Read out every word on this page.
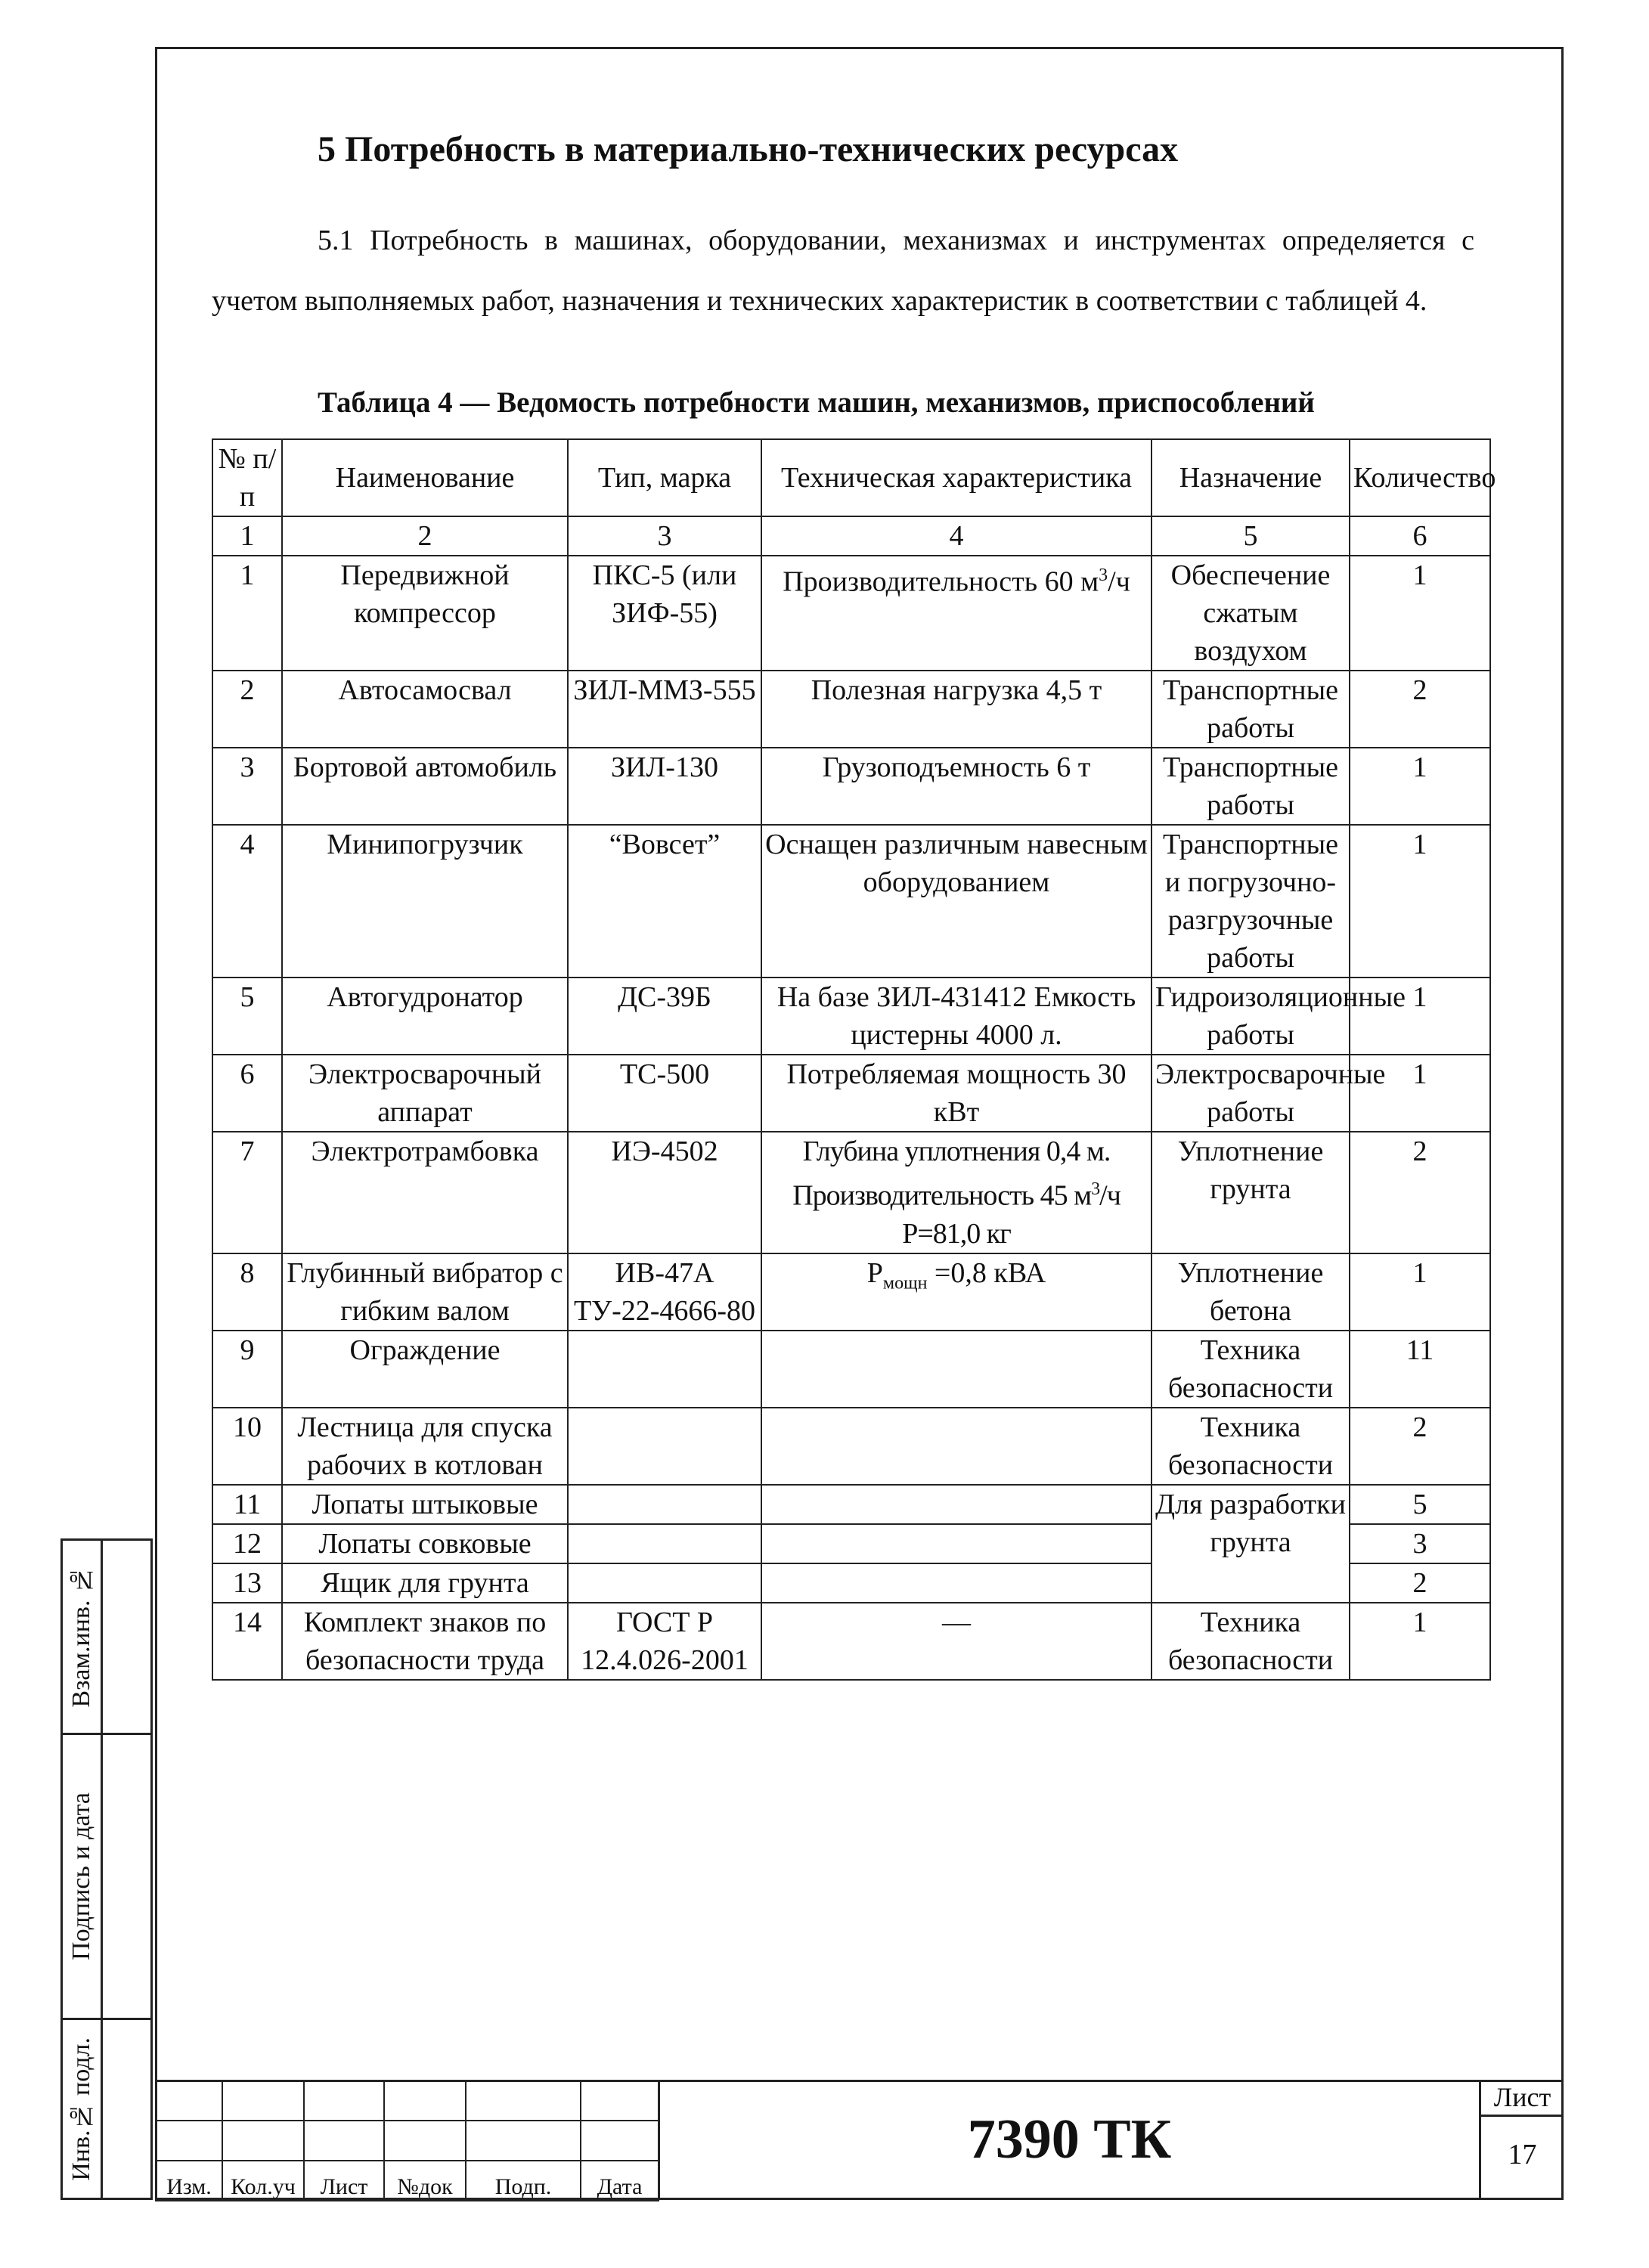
Взам.инв. №
Подпись и дата
Инв.№ подл.
5 Потребность в материально-технических ресурсах
5.1 Потребность в машинах, оборудовании, механизмах и инструментах определяется с учетом выполняемых работ, назначения и технических характеристик в соответствии с таблицей 4.
Таблица 4 — Ведомость потребности машин, механизмов, приспособлений
№ п/п	Наименование	Тип, марка	Техническая характеристика	Назначение	Количество
1	2	3	4	5	6
1	Передвижной компрессор	ПКС-5 (или ЗИФ-55)	Производительность 60 $м^3/ч$	Обеспечение сжатым воздухом	1
2	Автосамосвал	ЗИЛ-ММЗ-555	Полезная нагрузка 4,5 т	Транспортные работы	2
3	Бортовой автомобиль	ЗИЛ-130	Грузоподъемность 6 т	Транспортные работы	1
4	Минипогрузчик	“Вовсет”	Оснащен различным навесным оборудованием	Транспортные и погрузочно-разгрузочные работы	1
5	Автогудронатор	ДС-39Б	На базе ЗИЛ-431412 Емкость цистерны 4000 л.	Гидроизоляционные работы	1
6	Электросварочный аппарат	ТС-500	Потребляемая мощность 30 кВт	Электросварочные работы	1
7	Электротрамбовка	ИЭ-4502	Глубина уплотнения 0,4 м. Производительность 45 $м^3/ч$ Р=81,0 кг	Уплотнение грунта	2
8	Глубинный вибратор с гибким валом	ИВ-47А ТУ-22-4666-80	$Р_{мощн} =0,8$ кВА	Уплотнение бетона	1
9	Ограждение			Техника безопасности	11
10	Лестница для спуска рабочих в котлован			Техника безопасности	2
11	Лопаты штыковые			Для разработки грунта	5
12	Лопаты совковые				3
13	Ящик для грунта				2
14	Комплект знаков по безопасности труда	ГОСТ Р 12.4.026-2001	—	Техника безопасности	1

Изм.	Кол.уч	Лист	№док	Подп.	Дата
7390 ТК
Лист
17
